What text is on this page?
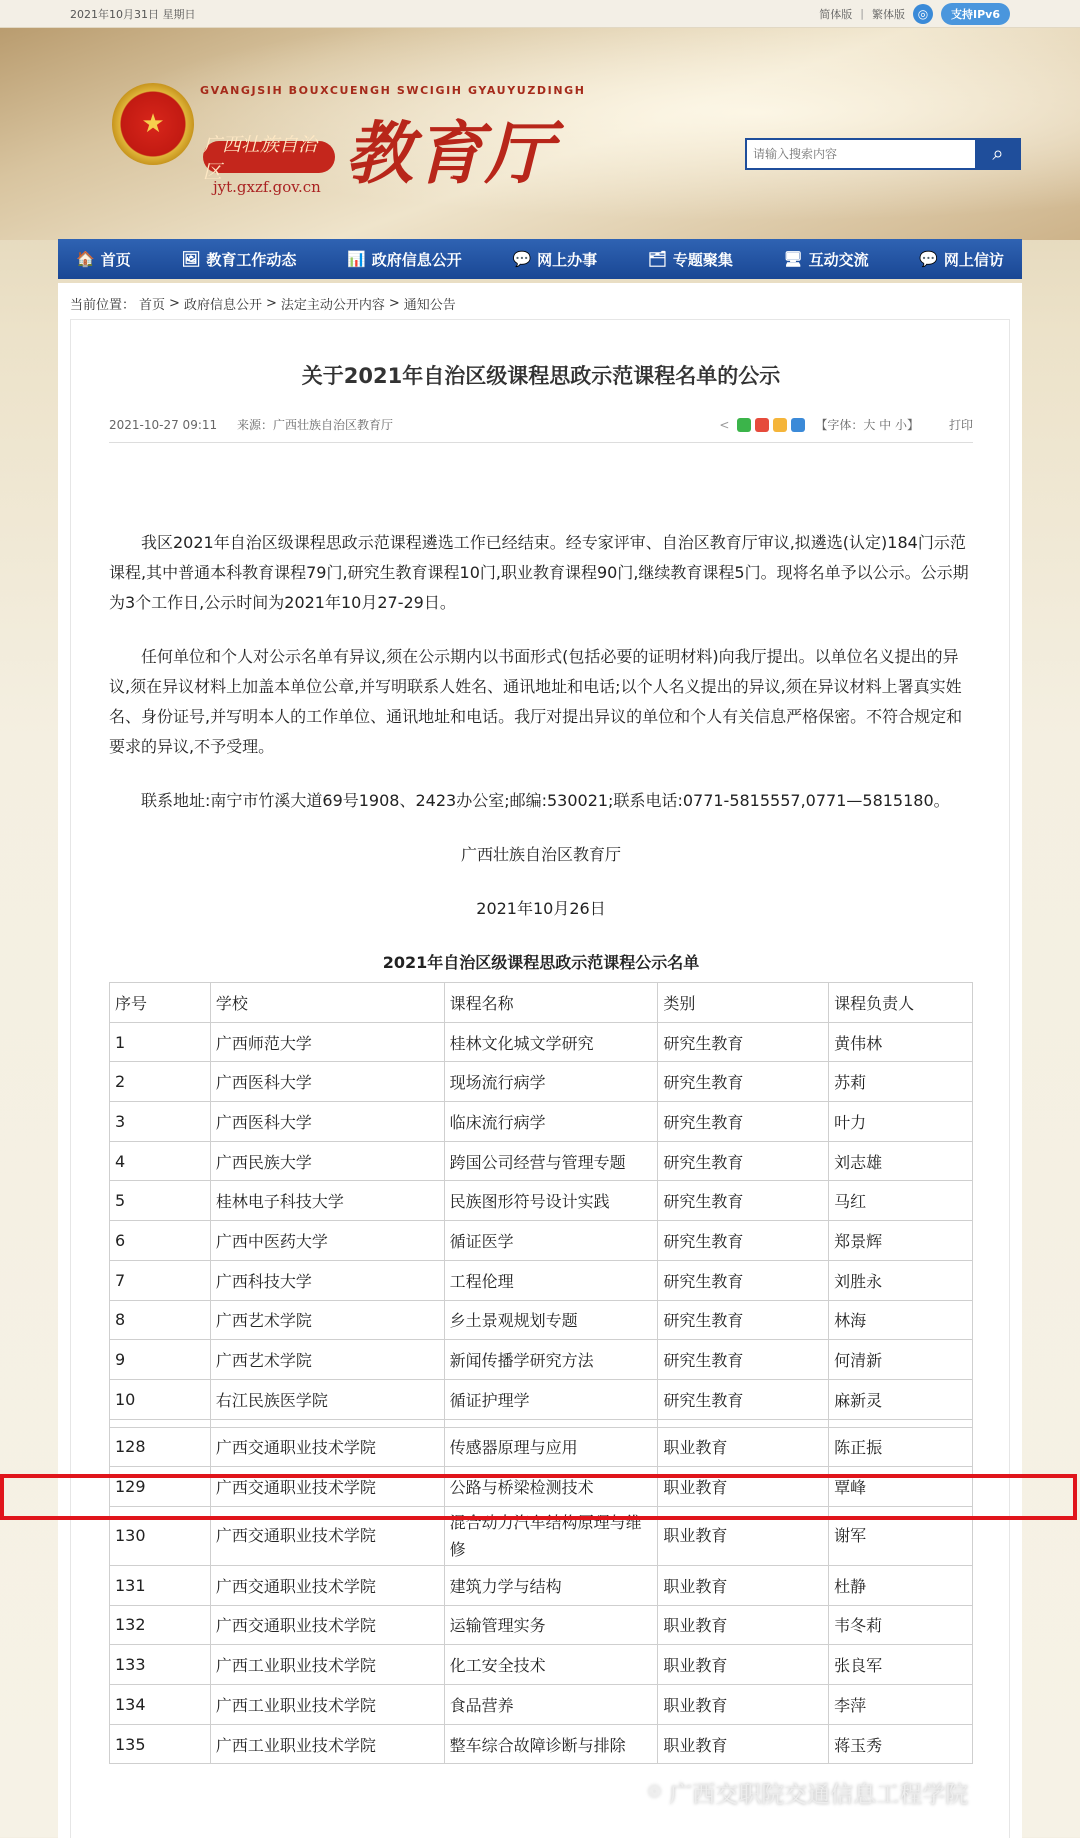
2021年10月31日 星期日	简体版 | 繁体版	◎	支持IPv6
★
GVANGJSIH BOUXCUENGH SWCIGIH GYAUYUZDINGH
广西壮族自治区
jyt.gxzf.gov.cn 教育厅
请输入搜索内容	⌕
🏠 首页	🖼 教育工作动态	📊 政府信息公开	💬 网上办事	🗂 专题聚集	🖥 互动交流	💬 网上信访
当前位置： 首页 > 政府信息公开 > 法定主动公开内容 > 通知公告
关于2021年自治区级课程思政示范课程名单的公示
2021-10-27 09:11 来源：广西壮族自治区教育厅	<	【字体：大 中 小】	打印

我区2021年自治区级课程思政示范课程遴选工作已经结束。经专家评审、自治区教育厅审议,拟遴选(认定)184门示范课程,其中普通本科教育课程79门,研究生教育课程10门,职业教育课程90门,继续教育课程5门。现将名单予以公示。公示期为3个工作日,公示时间为2021年10月27-29日。

任何单位和个人对公示名单有异议,须在公示期内以书面形式(包括必要的证明材料)向我厅提出。以单位名义提出的异议,须在异议材料上加盖本单位公章,并写明联系人姓名、通讯地址和电话;以个人名义提出的异议,须在异议材料上署真实姓名、身份证号,并写明本人的工作单位、通讯地址和电话。我厅对提出异议的单位和个人有关信息严格保密。不符合规定和要求的异议,不予受理。

联系地址:南宁市竹溪大道69号1908、2423办公室;邮编:530021;联系电话:0771-5815557,0771—5815180。

广西壮族自治区教育厅

2021年10月26日

2021年自治区级课程思政示范课程公示名单

序号	学校	课程名称	类别	课程负责人
1	广西师范大学	桂林文化城文学研究	研究生教育	黄伟林
2	广西医科大学	现场流行病学	研究生教育	苏莉
3	广西医科大学	临床流行病学	研究生教育	叶力
4	广西民族大学	跨国公司经营与管理专题	研究生教育	刘志雄
5	桂林电子科技大学	民族图形符号设计实践	研究生教育	马红
6	广西中医药大学	循证医学	研究生教育	郑景辉
7	广西科技大学	工程伦理	研究生教育	刘胜永
8	广西艺术学院	乡土景观规划专题	研究生教育	林海
9	广西艺术学院	新闻传播学研究方法	研究生教育	何清新
10	右江民族医学院	循证护理学	研究生教育	麻新灵

128	广西交通职业技术学院	传感器原理与应用	职业教育	陈正振
129	广西交通职业技术学院	公路与桥梁检测技术	职业教育	覃峰
130	广西交通职业技术学院	混合动力汽车结构原理与维修	职业教育	谢军
131	广西交通职业技术学院	建筑力学与结构	职业教育	杜静
132	广西交通职业技术学院	运输管理实务	职业教育	韦冬莉
133	广西工业职业技术学院	化工安全技术	职业教育	张良军
134	广西工业职业技术学院	食品营养	职业教育	李萍
135	广西工业职业技术学院	整车综合故障诊断与排除	职业教育	蒋玉秀
⌾ 广西交职院交通信息工程学院
